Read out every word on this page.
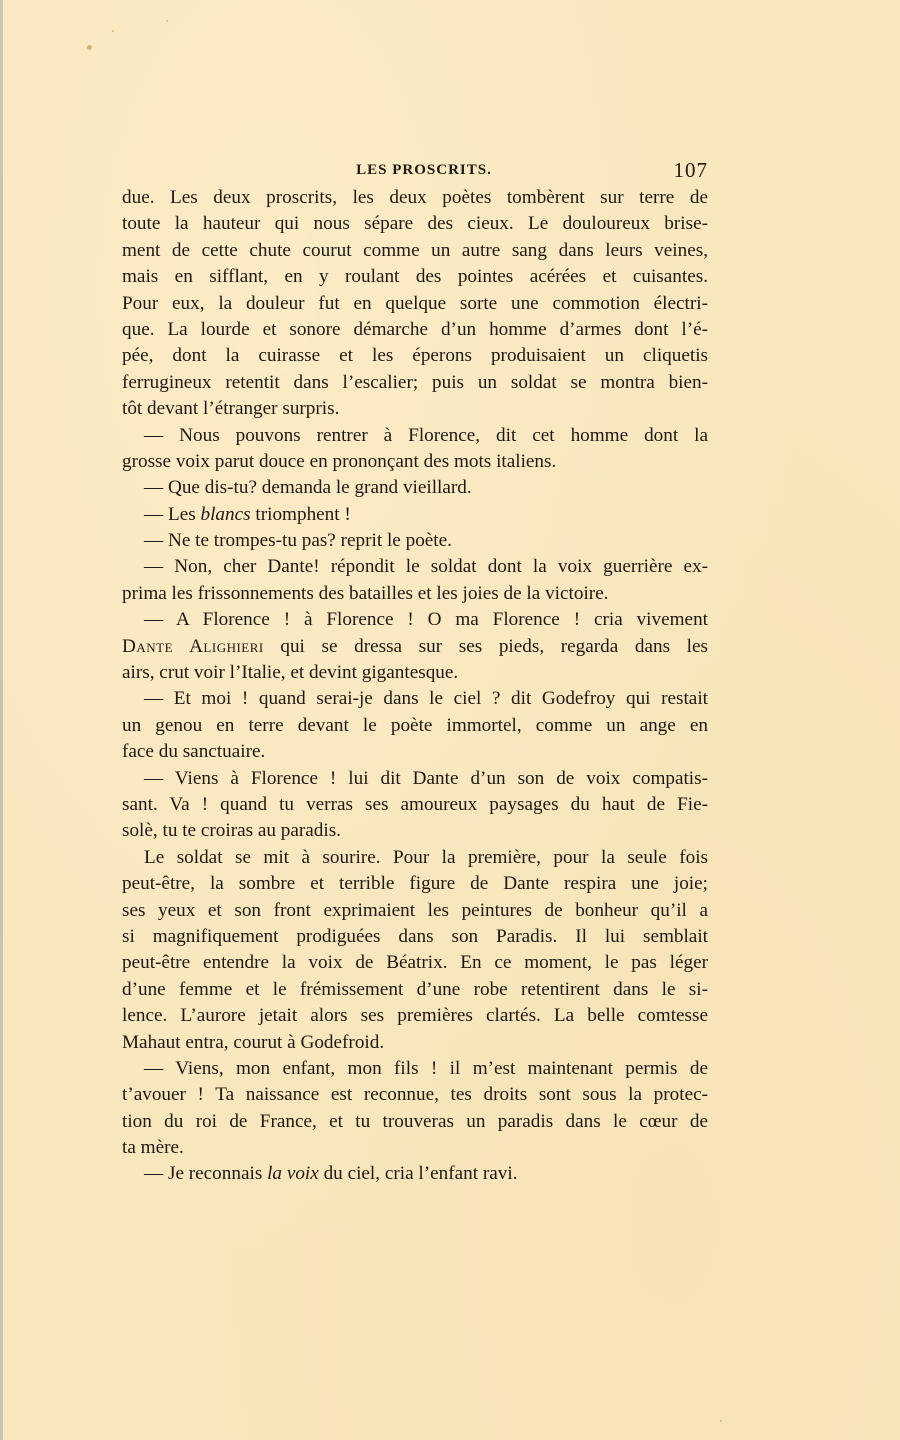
LES PROSCRITS.	107
due. Les deux proscrits, les deux poètes tombèrent sur terre de
toute la hauteur qui nous sépare des cieux. Le douloureux brise-
ment de cette chute courut comme un autre sang dans leurs veines,
mais en sifflant, en y roulant des pointes acérées et cuisantes.
Pour eux, la douleur fut en quelque sorte une commotion électri-
que. La lourde et sonore démarche d’un homme d’armes dont l’é-
pée, dont la cuirasse et les éperons produisaient un cliquetis
ferrugineux retentit dans l’escalier; puis un soldat se montra bien-
tôt devant l’étranger surpris.
— Nous pouvons rentrer à Florence, dit cet homme dont la
grosse voix parut douce en prononçant des mots italiens.
— Que dis-tu? demanda le grand vieillard.
— Les blancs triomphent !
— Ne te trompes-tu pas? reprit le poète.
— Non, cher Dante! répondit le soldat dont la voix guerrière ex-
prima les frissonnements des batailles et les joies de la victoire.
— A Florence ! à Florence ! O ma Florence ! cria vivement
Dante Alighieri qui se dressa sur ses pieds, regarda dans les
airs, crut voir l’Italie, et devint gigantesque.
— Et moi ! quand serai-je dans le ciel ? dit Godefroy qui restait
un genou en terre devant le poète immortel, comme un ange en
face du sanctuaire.
— Viens à Florence ! lui dit Dante d’un son de voix compatis-
sant. Va ! quand tu verras ses amoureux paysages du haut de Fie-
solè, tu te croiras au paradis.
Le soldat se mit à sourire. Pour la première, pour la seule fois
peut-être, la sombre et terrible figure de Dante respira une joie;
ses yeux et son front exprimaient les peintures de bonheur qu’il a
si magnifiquement prodiguées dans son Paradis. Il lui semblait
peut-être entendre la voix de Béatrix. En ce moment, le pas léger
d’une femme et le frémissement d’une robe retentirent dans le si-
lence. L’aurore jetait alors ses premières clartés. La belle comtesse
Mahaut entra, courut à Godefroid.
— Viens, mon enfant, mon fils ! il m’est maintenant permis de
t’avouer ! Ta naissance est reconnue, tes droits sont sous la protec-
tion du roi de France, et tu trouveras un paradis dans le cœur de
ta mère.
— Je reconnais la voix du ciel, cria l’enfant ravi.
